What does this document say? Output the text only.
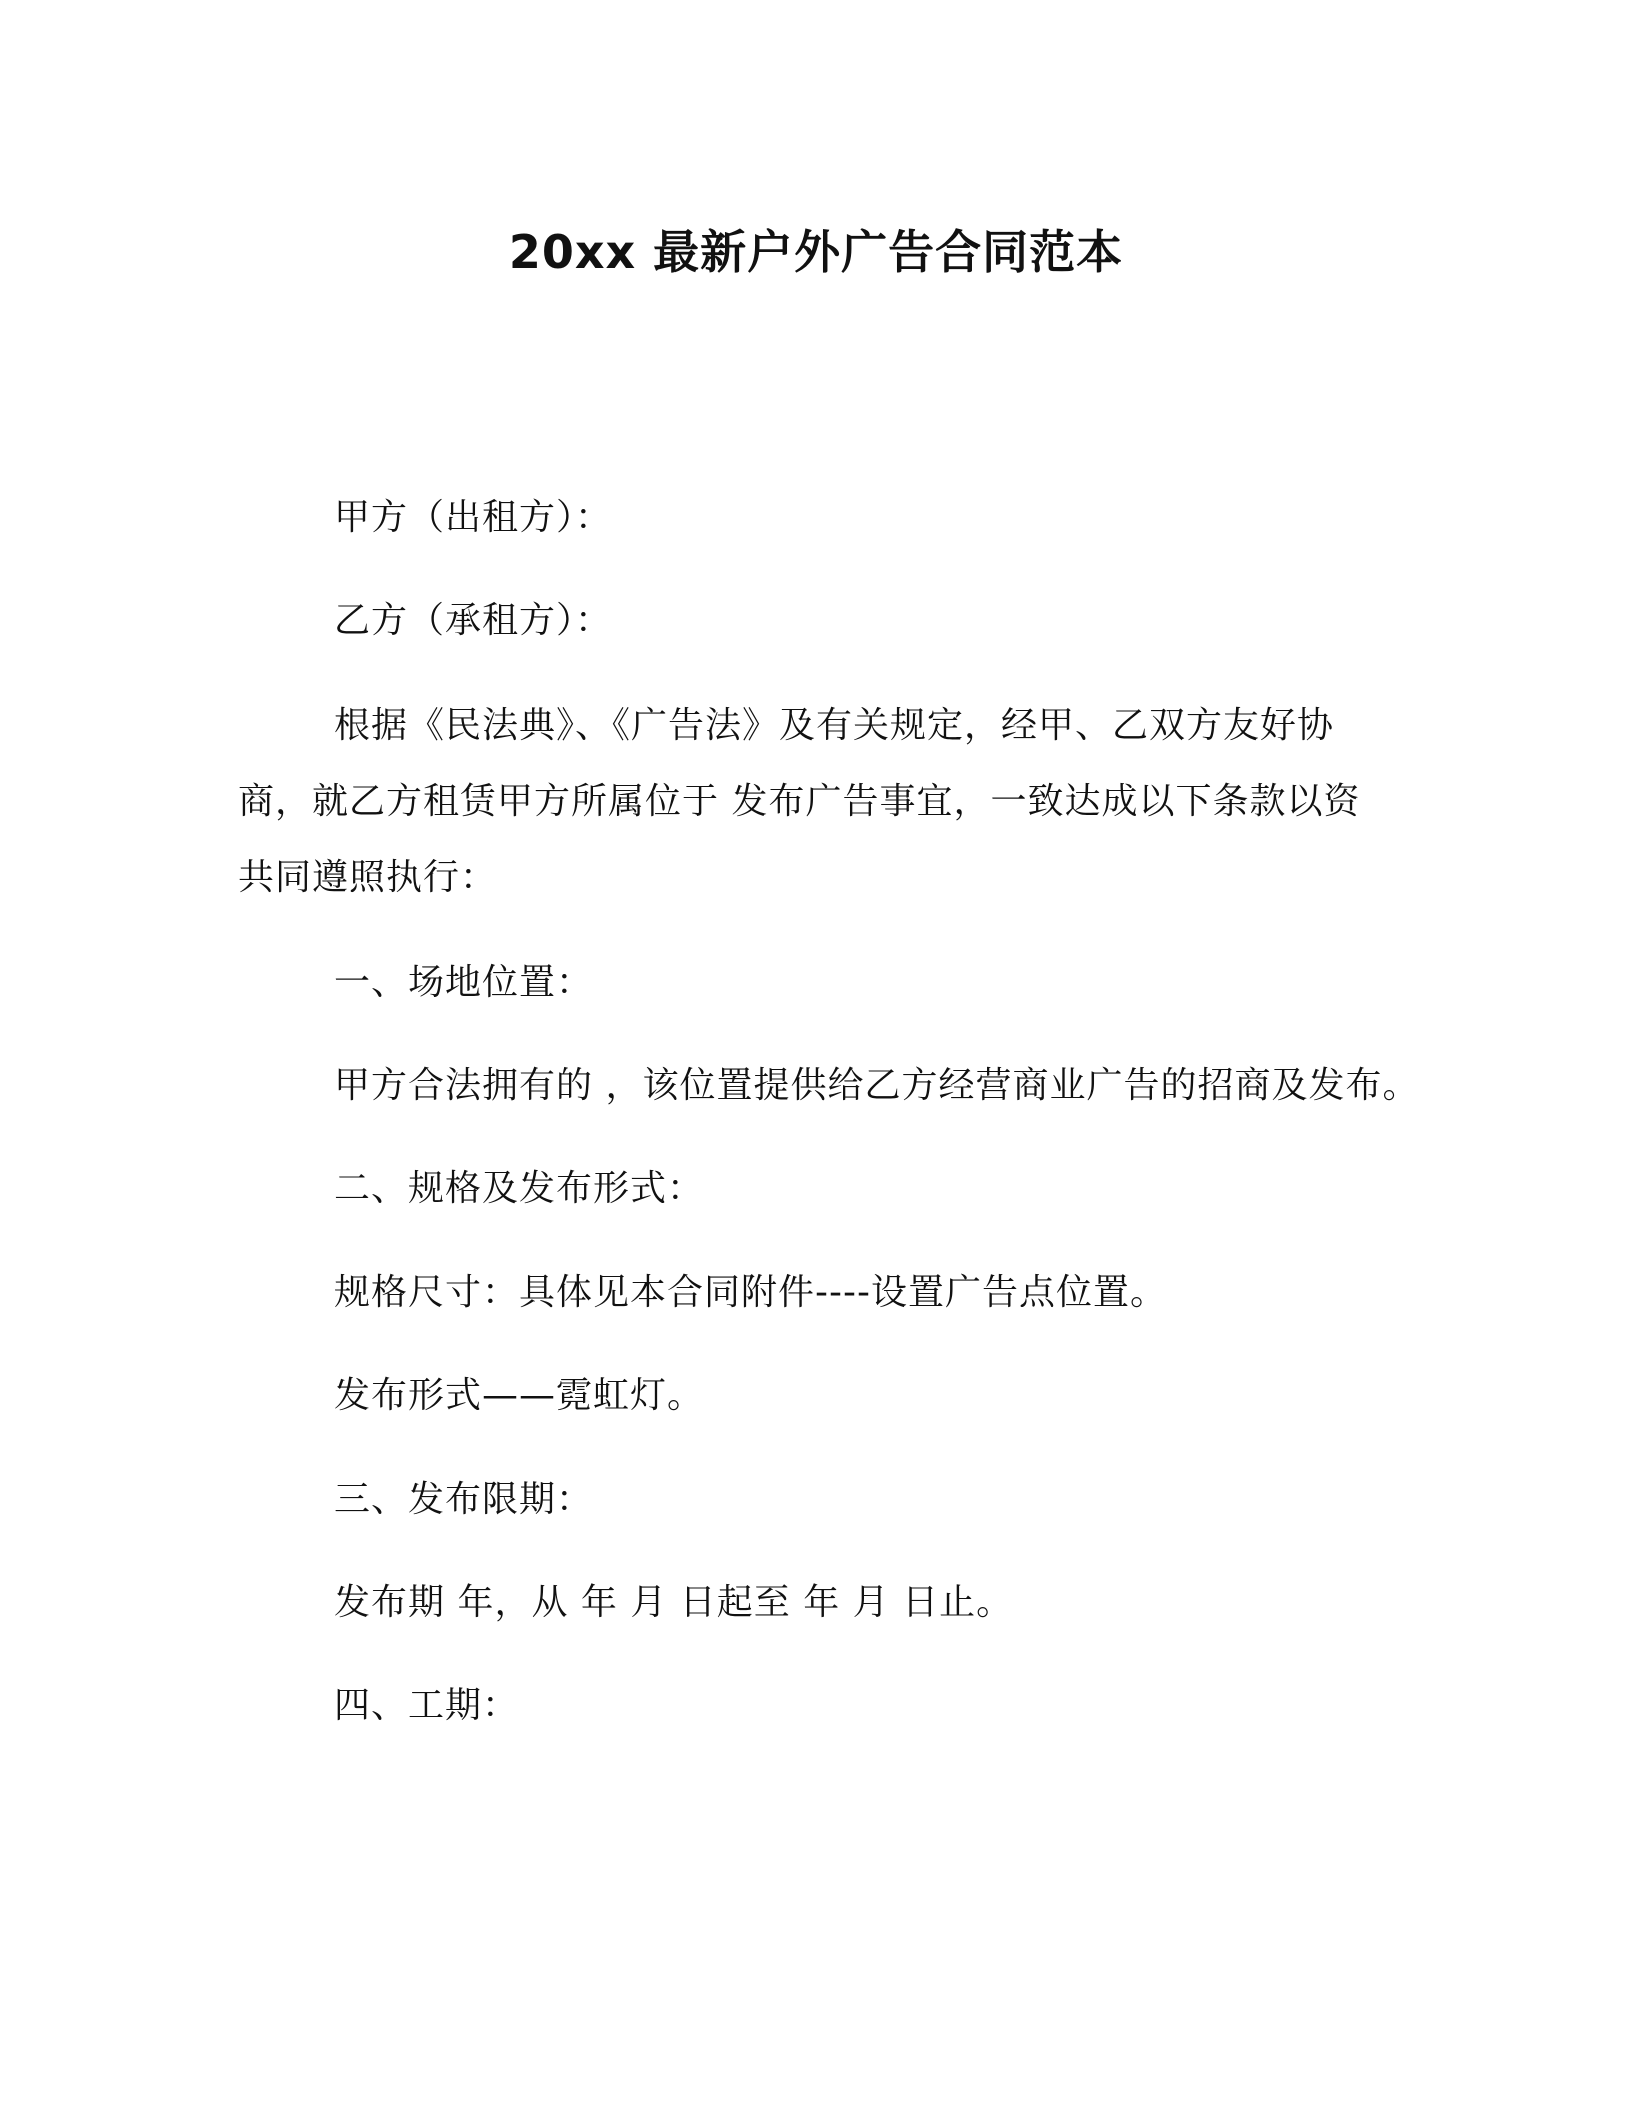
20xx 最新户外广告合同范本
甲方（出租方）：
乙方（承租方）：
根据《民法典》、《广告法》及有关规定，经甲、乙双方友好协
商，就乙方租赁甲方所属位于 发布广告事宜，一致达成以下条款以资
共同遵照执行：
一、场地位置：
甲方合法拥有的 ，该位置提供给乙方经营商业广告的招商及发布。
二、规格及发布形式：
规格尺寸：具体见本合同附件----设置广告点位置。
发布形式——霓虹灯。
三、发布限期：
发布期 年，从 年 月 日起至 年 月 日止。
四、工期：
